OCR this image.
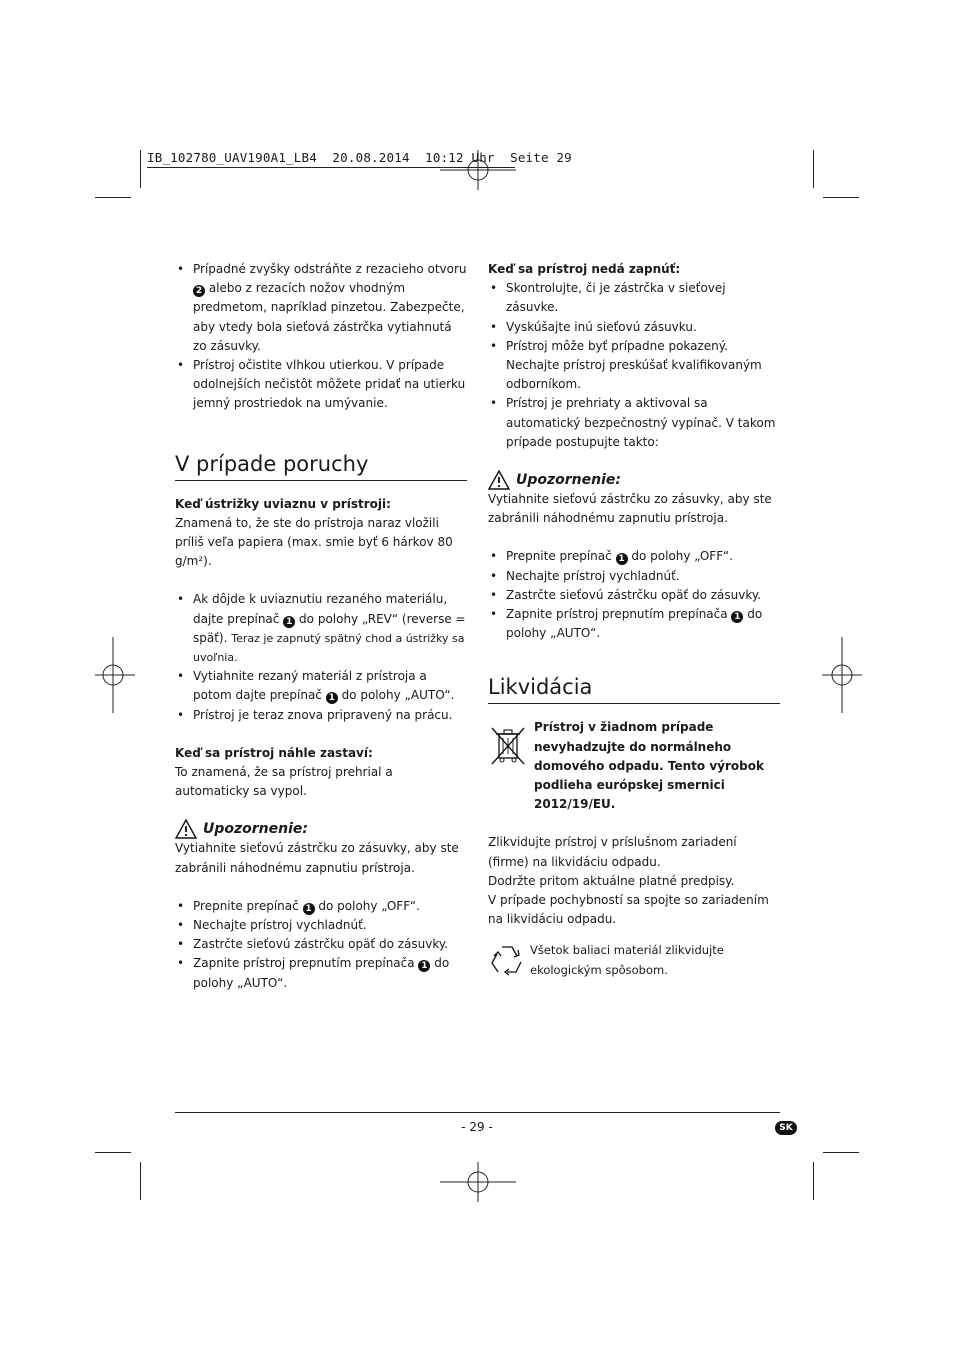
IB_102780_UAV190A1_LB4  20.08.2014  10:12 Uhr  Seite 29
• Prípadné zvyšky odstráňte z rezacieho otvoru 2 alebo z rezacích nožov vhodným predmetom, napríklad pinzetou. Zabezpečte, aby vtedy bola sieťová zástrčka vytiahnutá zo zásuvky.
• Prístroj očistite vlhkou utierkou. V prípade odolnejších nečistôt môžete pridať na utierku jemný prostriedok na umývanie.
V prípade poruchy

Keď ústrižky uviaznu v prístroji:

Znamená to, že ste do prístroja naraz vložili príliš veľa papiera (max. smie byť 6 hárkov 80 g/m²).

• Ak dôjde k uviaznutiu rezaného materiálu, dajte prepínač 1 do polohy „REV“ (reverse = späť). Teraz je zapnutý spätný chod a ústrižky sa uvoľnia.
• Vytiahnite rezaný materiál z prístroja a potom dajte prepínač 1 do polohy „AUTO“.
• Prístroj je teraz znova pripravený na prácu.

Keď sa prístroj náhle zastaví:

To znamená, že sa prístroj prehrial a automaticky sa vypol.

Upozornenie:

Vytiahnite sieťovú zástrčku zo zásuvky, aby ste zabránili náhodnému zapnutiu prístroja.

• Prepnite prepínač 1 do polohy „OFF“.
• Nechajte prístroj vychladnúť.
• Zastrčte sieťovú zástrčku opäť do zásuvky.
• Zapnite prístroj prepnutím prepínača 1 do polohy „AUTO“.

Keď sa prístroj nedá zapnúť:

• Skontrolujte, či je zástrčka v sieťovej zásuvke.
• Vyskúšajte inú sieťovú zásuvku.
• Prístroj môže byť prípadne pokazený. Nechajte prístroj preskúšať kvalifikovaným odborníkom.
• Prístroj je prehriaty a aktivoval sa automatický bezpečnostný vypínač. V takom prípade postupujte takto:
Upozornenie:

Vytiahnite sieťovú zástrčku zo zásuvky, aby ste zabránili náhodnému zapnutiu prístroja.

• Prepnite prepínač 1 do polohy „OFF“.
• Nechajte prístroj vychladnúť.
• Zastrčte sieťovú zástrčku opäť do zásuvky.
• Zapnite prístroj prepnutím prepínača 1 do polohy „AUTO“.
Likvidácia

Prístroj v žiadnom prípade nevyhadzujte do normálneho domového odpadu. Tento výrobok podlieha európskej smernici 2012/19/EU.

Zlikvidujte prístroj v príslušnom zariadení (firme) na likvidáciu odpadu.

Dodržte pritom aktuálne platné predpisy.

V prípade pochybností sa spojte so zariadením na likvidáciu odpadu.

Všetok baliaci materiál zlikvidujte ekologickým spôsobom.

- 29 -	SK
